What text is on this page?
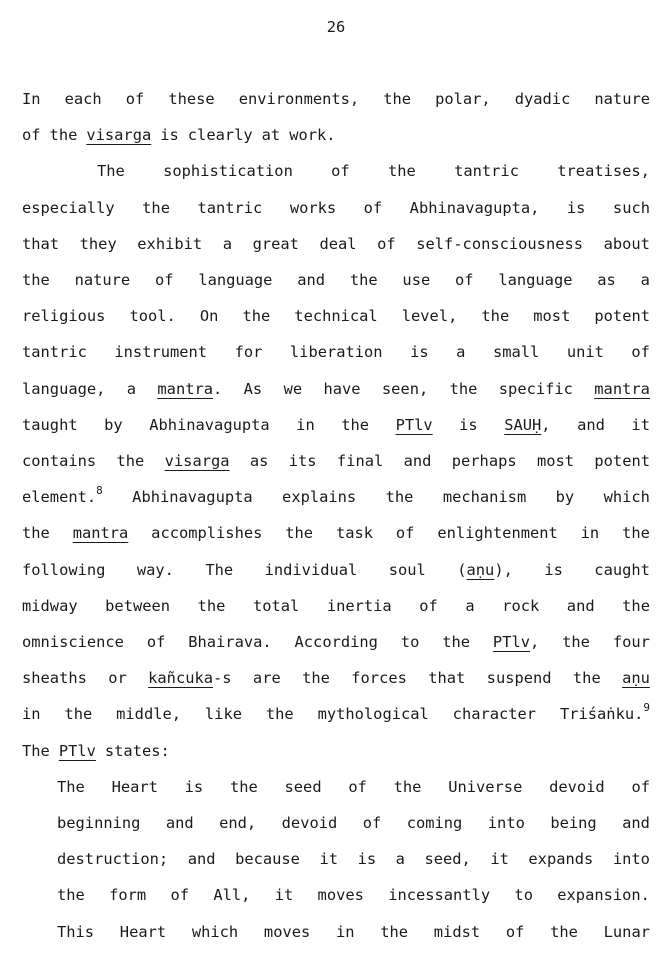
26
In each of these environments, the polar, dyadic nature
of the visarga is clearly at work.
The sophistication of the tantric treatises,
especially the tantric works of Abhinavagupta, is such
that they exhibit a great deal of self-consciousness about
the nature of language and the use of language as a
religious tool. On the technical level, the most potent
tantric instrument for liberation is a small unit of
language, a mantra. As we have seen, the specific mantra
taught by Abhinavagupta in the PTlv is SAUḤ, and it
contains the visarga as its final and perhaps most potent
element.$^8$ Abhinavagupta explains the mechanism by which
the mantra accomplishes the task of enlightenment in the
following way. The individual soul (aṇu), is caught
midway between the total inertia of a rock and the
omniscience of Bhairava. According to the PTlv, the four
sheaths or kañcuka-s are the forces that suspend the aṇu
in the middle, like the mythological character Triśaṅku.$^9$
The PTlv states:
The Heart is the seed of the Universe devoid of
beginning and end, devoid of coming into being and
destruction; and because it is a seed, it expands into
the form of All, it moves incessantly to expansion.
This Heart which moves in the midst of the Lunar
